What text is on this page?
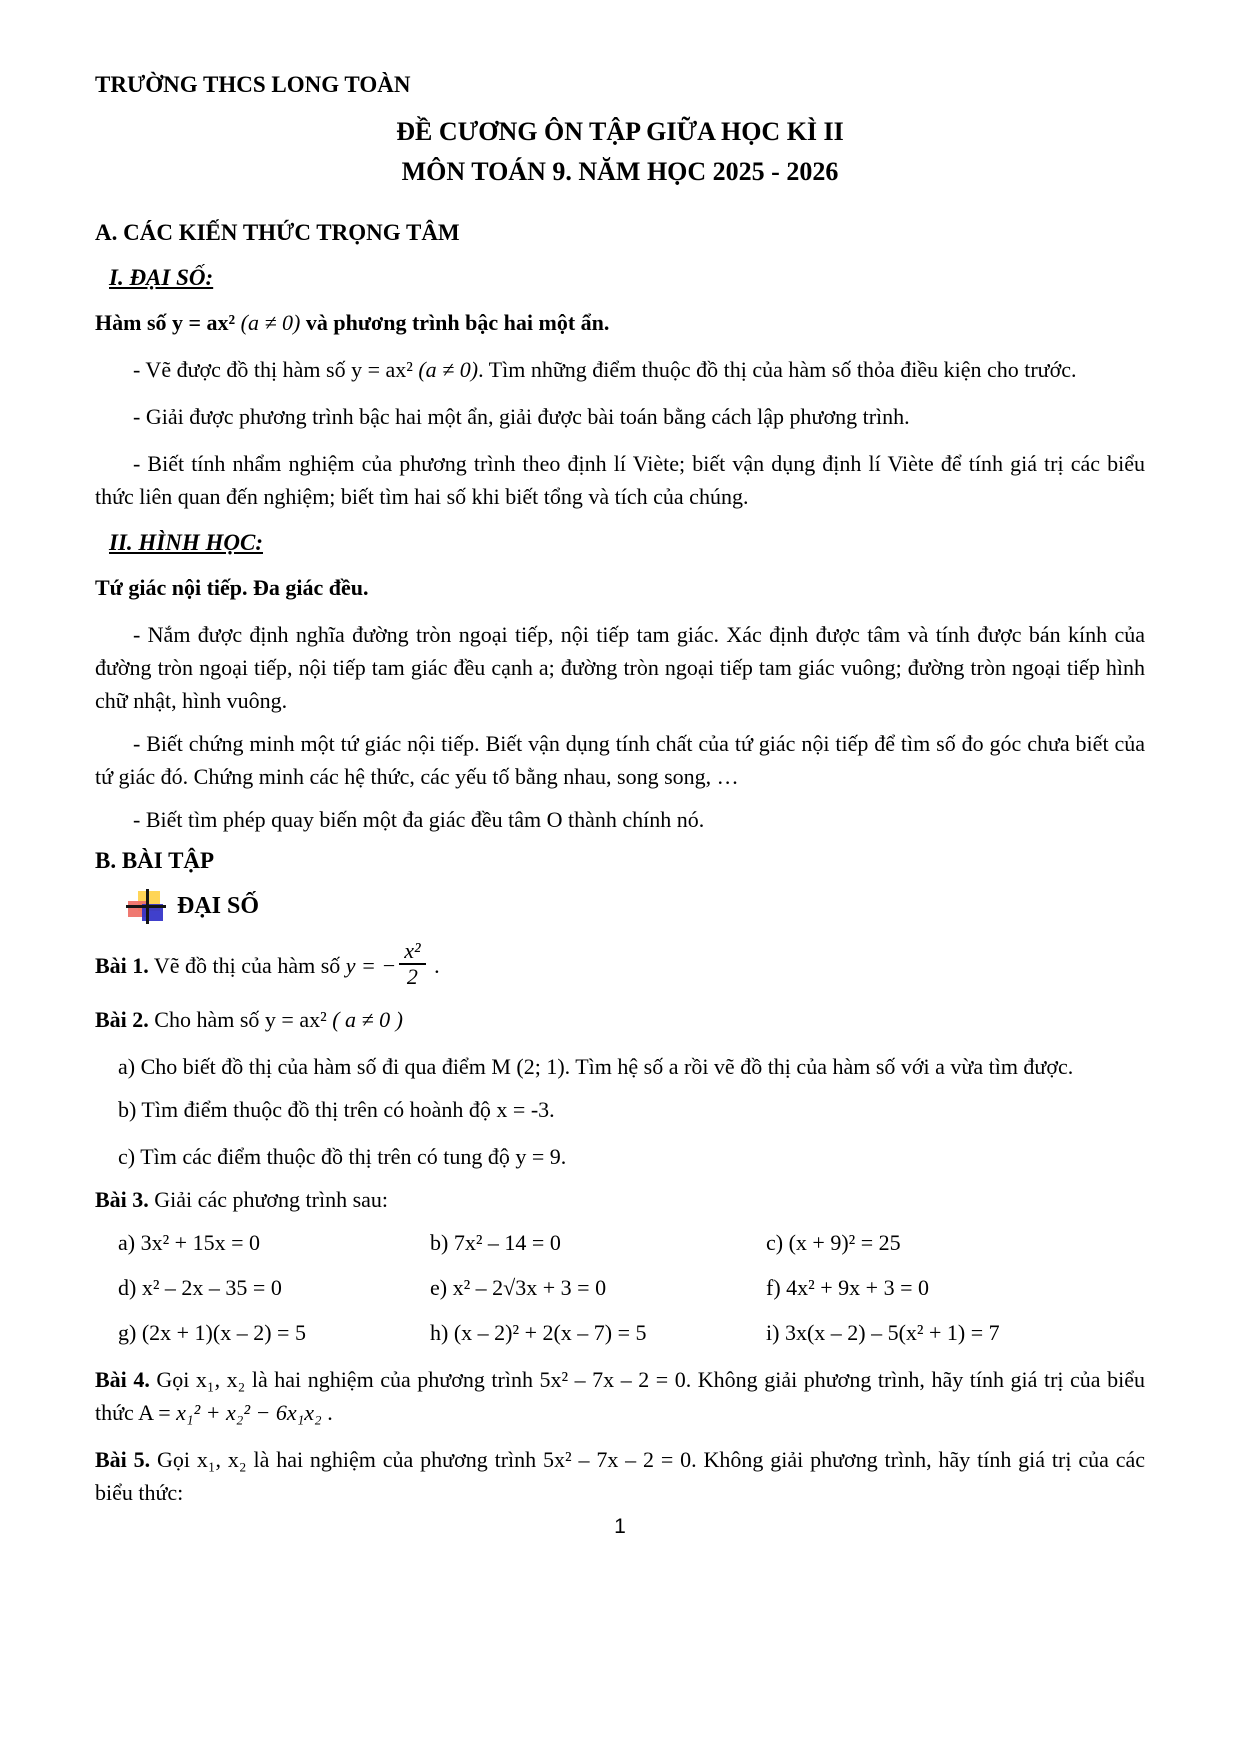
TRƯỜNG THCS LONG TOÀN
ĐỀ CƯƠNG ÔN TẬP GIỮA HỌC KÌ II
MÔN TOÁN 9. NĂM HỌC 2025 - 2026
A. CÁC KIẾN THỨC TRỌNG TÂM
I. ĐẠI SỐ:
Hàm số y = ax² (a ≠ 0) và phương trình bậc hai một ẩn.

- Vẽ được đồ thị hàm số y = ax² (a ≠ 0). Tìm những điểm thuộc đồ thị của hàm số thỏa điều kiện cho trước.

- Giải được phương trình bậc hai một ẩn, giải được bài toán bằng cách lập phương trình.

- Biết tính nhẩm nghiệm của phương trình theo định lí Viète; biết vận dụng định lí Viète để tính giá trị các biểu thức liên quan đến nghiệm; biết tìm hai số khi biết tổng và tích của chúng.

II. HÌNH HỌC:
Tứ giác nội tiếp. Đa giác đều.

- Nắm được định nghĩa đường tròn ngoại tiếp, nội tiếp tam giác. Xác định được tâm và tính được bán kính của đường tròn ngoại tiếp, nội tiếp tam giác đều cạnh a; đường tròn ngoại tiếp tam giác vuông; đường tròn ngoại tiếp hình chữ nhật, hình vuông.

- Biết chứng minh một tứ giác nội tiếp. Biết vận dụng tính chất của tứ giác nội tiếp để tìm số đo góc chưa biết của tứ giác đó. Chứng minh các hệ thức, các yếu tố bằng nhau, song song, …

- Biết tìm phép quay biến một đa giác đều tâm O thành chính nó.

B. BÀI TẬP
ĐẠI SỐ

Bài 1. Vẽ đồ thị của hàm số y = − $\frac{\text{x²}}{2}$ .

Bài 2. Cho hàm số y = ax² ( a ≠ 0 )

a) Cho biết đồ thị của hàm số đi qua điểm M (2; 1). Tìm hệ số a rồi vẽ đồ thị của hàm số với a vừa tìm được.

b) Tìm điểm thuộc đồ thị trên có hoành độ x = -3.

c) Tìm các điểm thuộc đồ thị trên có tung độ y = 9.

Bài 3. Giải các phương trình sau:

a) 3x² + 15x = 0	b) 7x² – 14 = 0	c) (x + 9)² = 25
d) x² – 2x – 35 = 0	e) x² – 2√3x + 3 = 0	f) 4x² + 9x + 3 = 0
g) (2x + 1)(x – 2) = 5	h) (x – 2)² + 2(x – 7) = 5	i) 3x(x – 2) – 5(x² + 1) = 7

Bài 4. Gọi x₁, x₂ là hai nghiệm của phương trình 5x² – 7x – 2 = 0. Không giải phương trình, hãy tính giá trị của biểu thức A = x₁² + x₂² − 6x₁x₂ .

Bài 5. Gọi x₁, x₂ là hai nghiệm của phương trình 5x² – 7x – 2 = 0. Không giải phương trình, hãy tính giá trị của các biểu thức:

1
